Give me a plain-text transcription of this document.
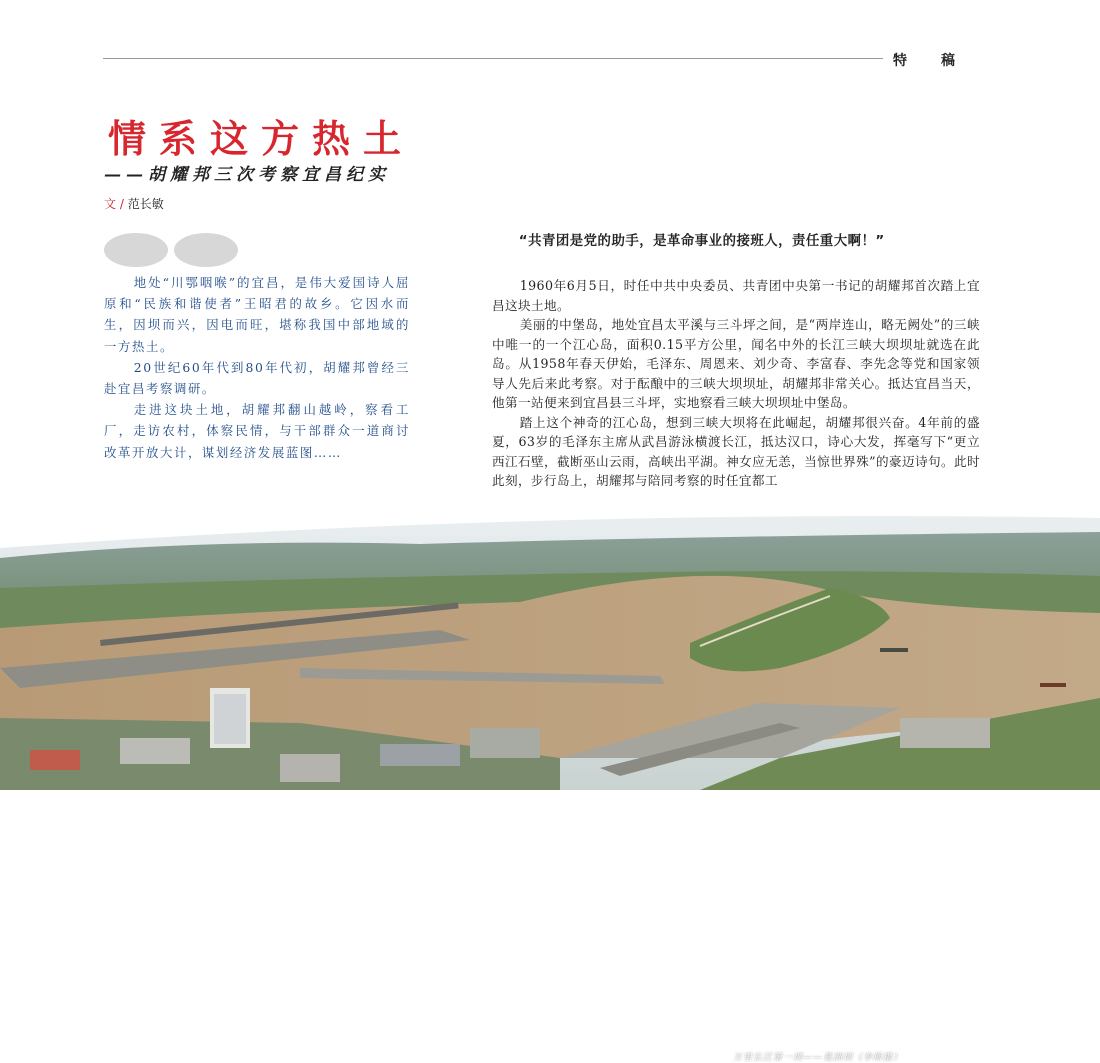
特稿
情系这方热土
——胡耀邦三次考察宜昌纪实
文 / 范长敏

地处“川鄂咽喉”的宜昌，是伟大爱国诗人屈原和“民族和谐使者”王昭君的故乡。它因水而生，因坝而兴，因电而旺，堪称我国中部地域的一方热土。

20世纪60年代到80年代初，胡耀邦曾经三赴宜昌考察调研。

走进这块土地，胡耀邦翻山越岭，察看工厂，走访农村，体察民情，与干部群众一道商讨改革开放大计，谋划经济发展蓝图……

“共青团是党的助手，是革命事业的接班人，责任重大啊！”

1960年6月5日，时任中共中央委员、共青团中央第一书记的胡耀邦首次踏上宜昌这块土地。

美丽的中堡岛，地处宜昌太平溪与三斗坪之间，是“两岸连山，略无阙处”的三峡中唯一的一个江心岛，面积0.15平方公里，闻名中外的长江三峡大坝坝址就选在此岛。从1958年春天伊始，毛泽东、周恩来、刘少奇、李富春、李先念等党和国家领导人先后来此考察。对于酝酿中的三峡大坝坝址，胡耀邦非常关心。抵达宜昌当天，他第一站便来到宜昌县三斗坪，实地察看三峡大坝坝址中堡岛。

踏上这个神奇的江心岛，想到三峡大坝将在此崛起，胡耀邦很兴奋。4年前的盛夏，63岁的毛泽东主席从武昌游泳横渡长江，抵达汉口，诗心大发，挥毫写下“更立西江石壁，截断巫山云雨，高峡出平湖。神女应无恙，当惊世界殊”的豪迈诗句。此时此刻，步行岛上，胡耀邦与陪同考察的时任宜都工

万里长江第一坝——葛洲坝（李斯摄）
